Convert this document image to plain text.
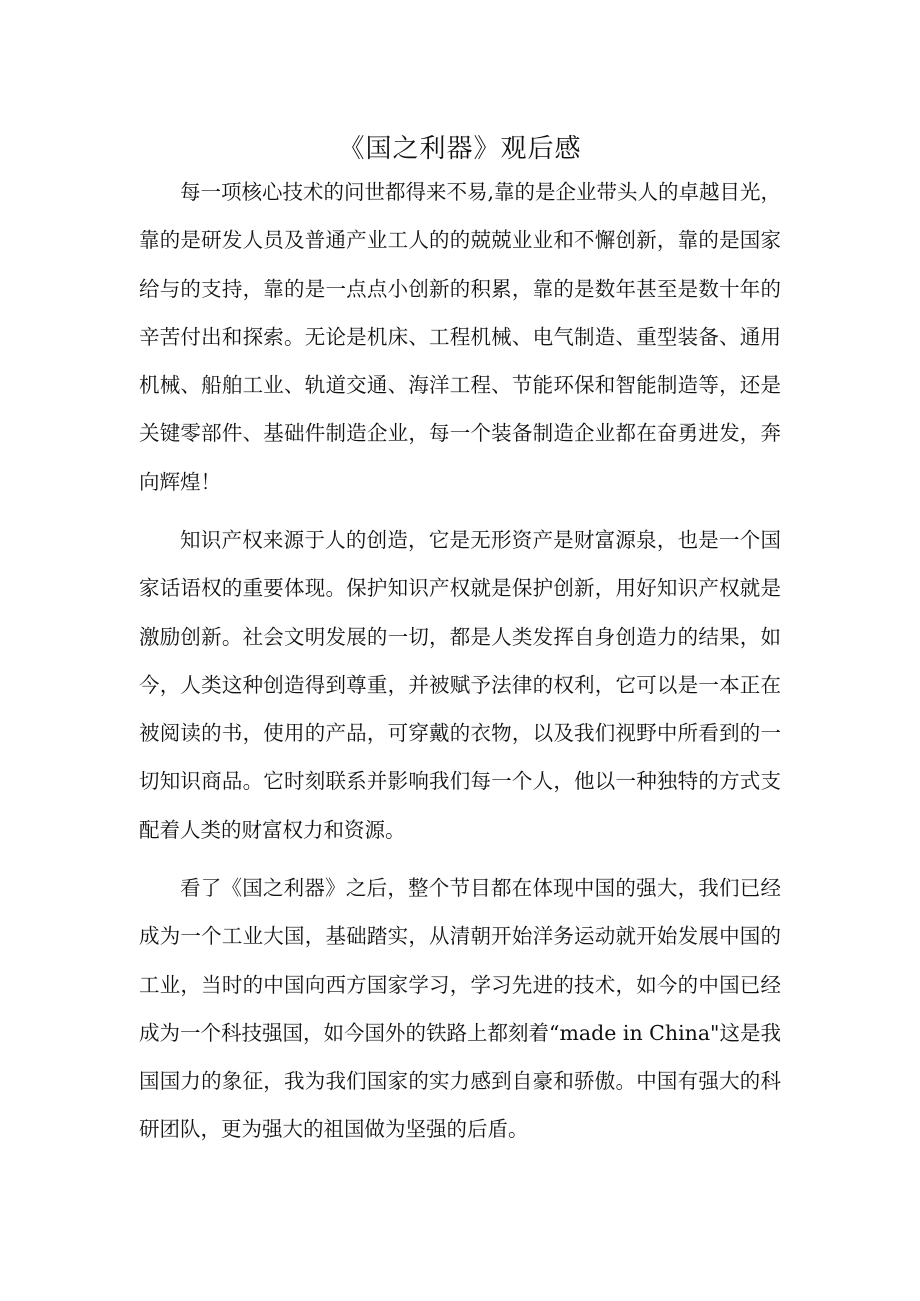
《国之利器》观后感

每一项核心技术的问世都得来不易,靠的是企业带头人的卓越目光，靠的是研发人员及普通产业工人的的兢兢业业和不懈创新，靠的是国家给与的支持，靠的是一点点小创新的积累，靠的是数年甚至是数十年的辛苦付出和探索。无论是机床、工程机械、电气制造、重型装备、通用机械、船舶工业、轨道交通、海洋工程、节能环保和智能制造等，还是关键零部件、基础件制造企业，每一个装备制造企业都在奋勇进发，奔向辉煌！

知识产权来源于人的创造，它是无形资产是财富源泉，也是一个国家话语权的重要体现。保护知识产权就是保护创新，用好知识产权就是激励创新。社会文明发展的一切，都是人类发挥自身创造力的结果，如今，人类这种创造得到尊重，并被赋予法律的权利，它可以是一本正在被阅读的书，使用的产品，可穿戴的衣物，以及我们视野中所看到的一切知识商品。它时刻联系并影响我们每一个人，他以一种独特的方式支配着人类的财富权力和资源。

看了《国之利器》之后，整个节目都在体现中国的强大，我们已经成为一个工业大国，基础踏实，从清朝开始洋务运动就开始发展中国的工业，当时的中国向西方国家学习，学习先进的技术，如今的中国已经成为一个科技强国，如今国外的铁路上都刻着“made in China"这是我国国力的象征，我为我们国家的实力感到自豪和骄傲。中国有强大的科研团队，更为强大的祖国做为坚强的后盾。
